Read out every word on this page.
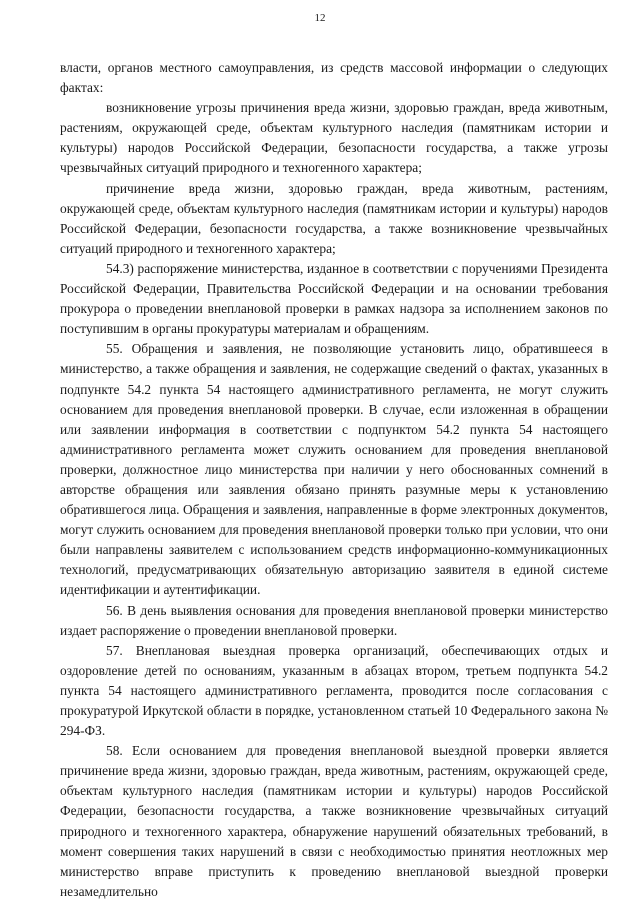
12

власти, органов местного самоуправления, из средств массовой информации о следующих фактах:

возникновение угрозы причинения вреда жизни, здоровью граждан, вреда животным, растениям, окружающей среде, объектам культурного наследия (памятникам истории и культуры) народов Российской Федерации, безопасности государства, а также угрозы чрезвычайных ситуаций природного и техногенного характера;

причинение вреда жизни, здоровью граждан, вреда животным, растениям, окружающей среде, объектам культурного наследия (памятникам истории и культуры) народов Российской Федерации, безопасности государства, а также возникновение чрезвычайных ситуаций природного и техногенного характера;

54.3) распоряжение министерства, изданное в соответствии с поручениями Президента Российской Федерации, Правительства Российской Федерации и на основании требования прокурора о проведении внеплановой проверки в рамках надзора за исполнением законов по поступившим в органы прокуратуры материалам и обращениям.

55. Обращения и заявления, не позволяющие установить лицо, обратившееся в министерство, а также обращения и заявления, не содержащие сведений о фактах, указанных в подпункте 54.2 пункта 54 настоящего административного регламента, не могут служить основанием для проведения внеплановой проверки. В случае, если изложенная в обращении или заявлении информация в соответствии с подпунктом 54.2 пункта 54 настоящего административного регламента может служить основанием для проведения внеплановой проверки, должностное лицо министерства при наличии у него обоснованных сомнений в авторстве обращения или заявления обязано принять разумные меры к установлению обратившегося лица. Обращения и заявления, направленные в форме электронных документов, могут служить основанием для проведения внеплановой проверки только при условии, что они были направлены заявителем с использованием средств информационно-коммуникационных технологий, предусматривающих обязательную авторизацию заявителя в единой системе идентификации и аутентификации.

56. В день выявления основания для проведения внеплановой проверки министерство издает распоряжение о проведении внеплановой проверки.

57. Внеплановая выездная проверка организаций, обеспечивающих отдых и оздоровление детей по основаниям, указанным в абзацах втором, третьем подпункта 54.2 пункта 54 настоящего административного регламента, проводится после согласования с прокуратурой Иркутской области в порядке, установленном статьей 10 Федерального закона № 294-ФЗ.

58. Если основанием для проведения внеплановой выездной проверки является причинение вреда жизни, здоровью граждан, вреда животным, растениям, окружающей среде, объектам культурного наследия (памятникам истории и культуры) народов Российской Федерации, безопасности государства, а также возникновение чрезвычайных ситуаций природного и техногенного характера, обнаружение нарушений обязательных требований, в момент совершения таких нарушений в связи с необходимостью принятия неотложных мер министерство вправе приступить к проведению внеплановой выездной проверки незамедлительно
